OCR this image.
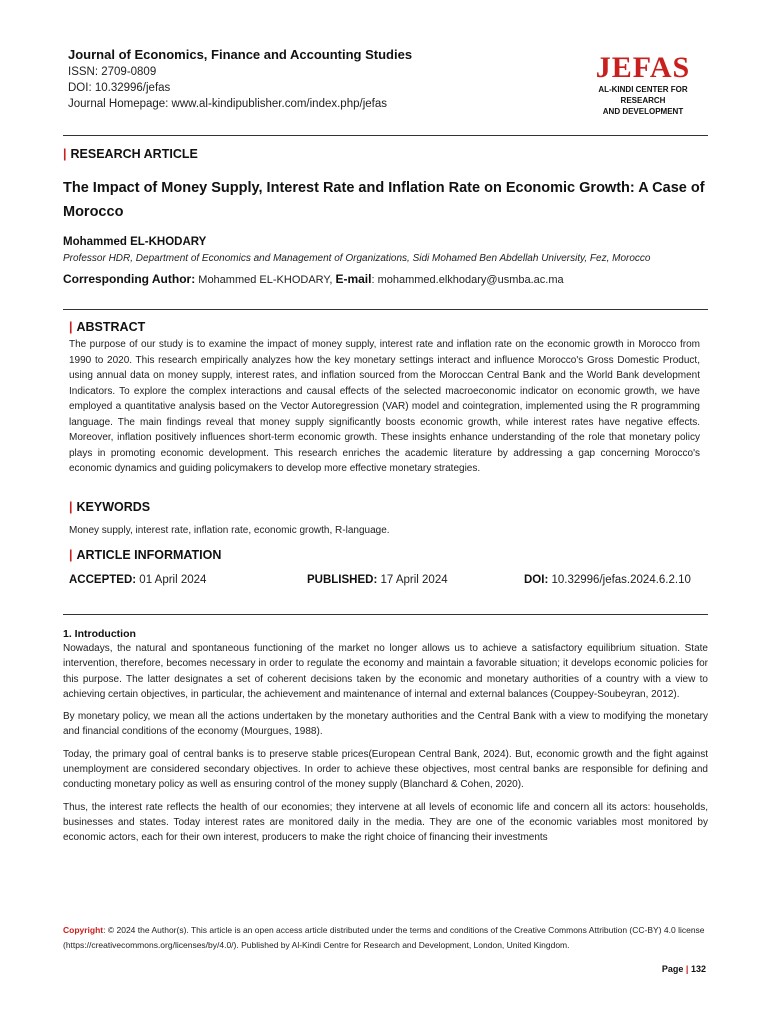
Journal of Economics, Finance and Accounting Studies
ISSN: 2709-0809
DOI: 10.32996/jefas
Journal Homepage: www.al-kindipublisher.com/index.php/jefas
JEFAS
AL-KINDI CENTER FOR RESEARCH
AND DEVELOPMENT
| RESEARCH ARTICLE
The Impact of Money Supply, Interest Rate and Inflation Rate on Economic Growth: A Case of Morocco
Mohammed EL-KHODARY
Professor HDR, Department of Economics and Management of Organizations, Sidi Mohamed Ben Abdellah University, Fez, Morocco
Corresponding Author: Mohammed EL-KHODARY, E-mail: mohammed.elkhodary@usmba.ac.ma
| ABSTRACT
The purpose of our study is to examine the impact of money supply, interest rate and inflation rate on the economic growth in Morocco from 1990 to 2020. This research empirically analyzes how the key monetary settings interact and influence Morocco's Gross Domestic Product, using annual data on money supply, interest rates, and inflation sourced from the Moroccan Central Bank and the World Bank development Indicators. To explore the complex interactions and causal effects of the selected macroeconomic indicator on economic growth, we have employed a quantitative analysis based on the Vector Autoregression (VAR) model and cointegration, implemented using the R programming language. The main findings reveal that money supply significantly boosts economic growth, while interest rates have negative effects. Moreover, inflation positively influences short-term economic growth. These insights enhance understanding of the role that monetary policy plays in promoting economic development. This research enriches the academic literature by addressing a gap concerning Morocco's economic dynamics and guiding policymakers to develop more effective monetary strategies.
| KEYWORDS
Money supply, interest rate, inflation rate, economic growth, R-language.
| ARTICLE INFORMATION
ACCEPTED: 01 April 2024	PUBLISHED: 17 April 2024	DOI: 10.32996/jefas.2024.6.2.10
1. Introduction

Nowadays, the natural and spontaneous functioning of the market no longer allows us to achieve a satisfactory equilibrium situation. State intervention, therefore, becomes necessary in order to regulate the economy and maintain a favorable situation; it develops economic policies for this purpose. The latter designates a set of coherent decisions taken by the economic and monetary authorities of a country with a view to achieving certain objectives, in particular, the achievement and maintenance of internal and external balances (Couppey-Soubeyran, 2012).

By monetary policy, we mean all the actions undertaken by the monetary authorities and the Central Bank with a view to modifying the monetary and financial conditions of the economy (Mourgues, 1988).

Today, the primary goal of central banks is to preserve stable prices(European Central Bank, 2024). But, economic growth and the fight against unemployment are considered secondary objectives. In order to achieve these objectives, most central banks are responsible for defining and conducting monetary policy as well as ensuring control of the money supply (Blanchard & Cohen, 2020).

Thus, the interest rate reflects the health of our economies; they intervene at all levels of economic life and concern all its actors: households, businesses and states. Today interest rates are monitored daily in the media. They are one of the economic variables most monitored by economic actors, each for their own interest, producers to make the right choice of financing their investments

Copyright: © 2024 the Author(s). This article is an open access article distributed under the terms and conditions of the Creative Commons Attribution (CC-BY) 4.0 license (https://creativecommons.org/licenses/by/4.0/). Published by Al-Kindi Centre for Research and Development, London, United Kingdom.
Page | 132
